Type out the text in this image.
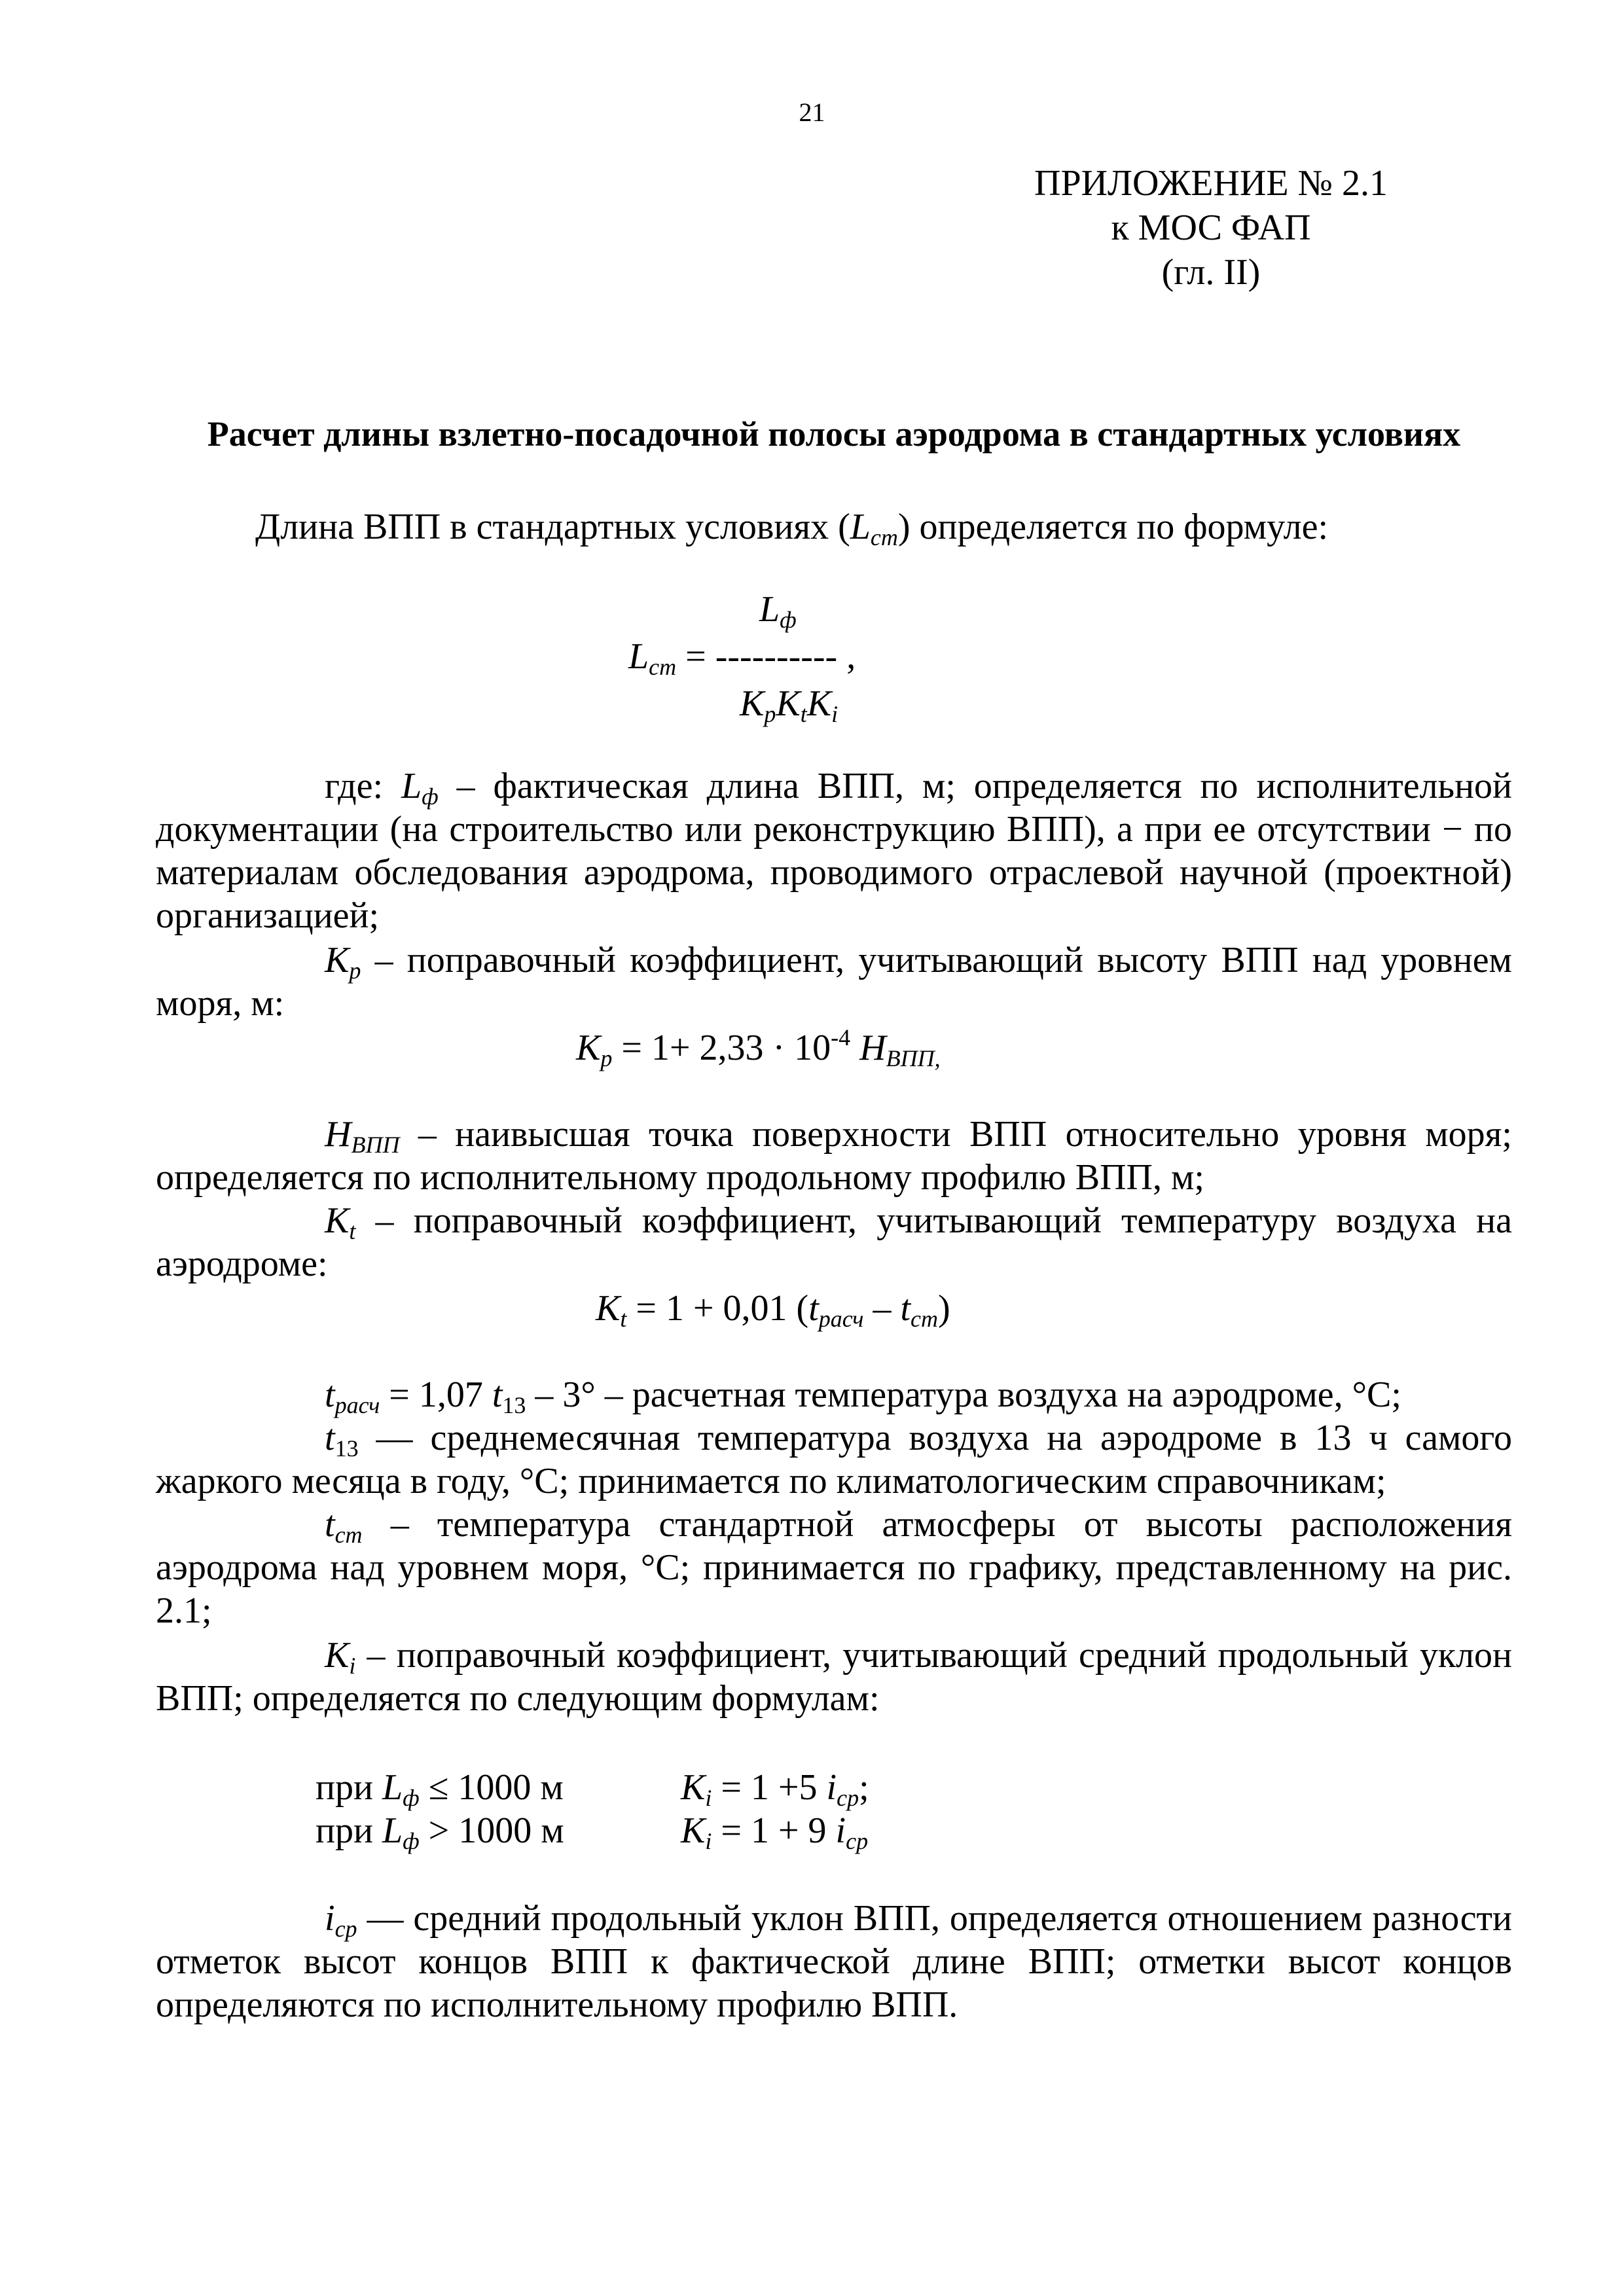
21
ПРИЛОЖЕНИЕ № 2.1
к МОС ФАП
(гл. II)
Расчет длины взлетно-посадочной полосы аэродрома в стандартных условиях
Длина ВПП в стандартных условиях $(L_{cm})$ определяется по формуле:
$L_ф$
$L_{cm}$ = ---------- ,
$K_pK_tK_i$
где: $L_ф$ – фактическая длина ВПП, м; определяется по исполнительной документации (на строительство или реконструкцию ВПП), а при ее отсутствии − по материалам обследования аэродрома, проводимого отраслевой научной (проектной) организацией;
$K_p$ – поправочный коэффициент, учитывающий высоту ВПП над уровнем моря, м:
$K_p = 1+ 2,33 \cdot 10^{-4}$ $H_{ВПП,}$
$H_{ВПП}$ – наивысшая точка поверхности ВПП относительно уровня моря; определяется по исполнительному продольному профилю ВПП, м;
$K_t$ – поправочный коэффициент, учитывающий температуру воздуха на аэродроме:
$K_t = 1 + 0,01$ $(t_{расч} - t_{cm})$
$t_{расч} = 1,07$ $t_{13} - 3^\circ$ – расчетная температура воздуха на аэродроме, °С;
$t_{13}$ — среднемесячная температура воздуха на аэродроме в 13 ч самого жаркого месяца в году, °С; принимается по климатологическим справочникам;
$t_{cm}$ – температура стандартной атмосферы от высоты расположения аэродрома над уровнем моря, °С; принимается по графику, представленному на рис. 2.1;
$K_i$ – поправочный коэффициент, учитывающий средний продольный уклон ВПП; определяется по следующим формулам:
при $L_ф \le 1000$ м	$K_i = 1 +5$ $i_{cp}$;
при $L_ф > 1000$ м	$K_i = 1 + 9$ $i_{cp}$
$i_{cp}$ — средний продольный уклон ВПП, определяется отношением разности отметок высот концов ВПП к фактической длине ВПП; отметки высот концов определяются по исполнительному профилю ВПП.
